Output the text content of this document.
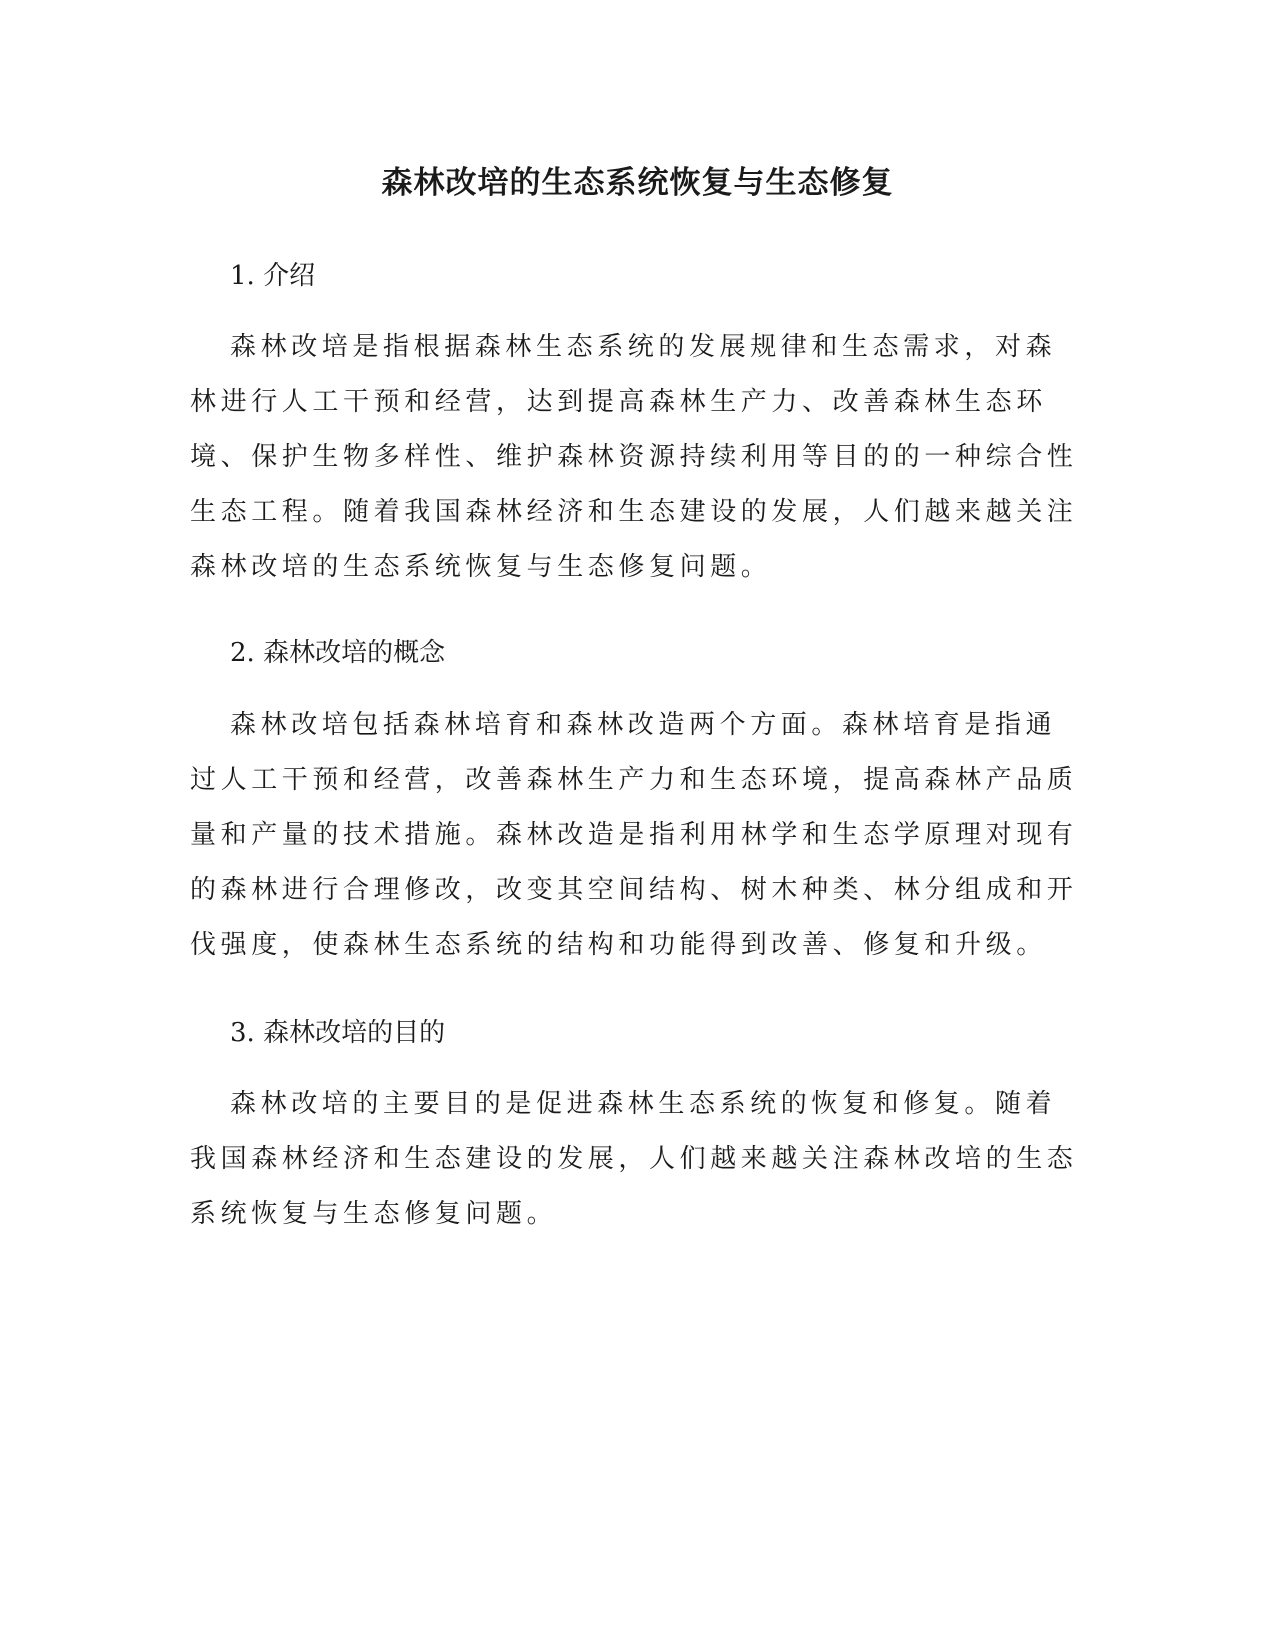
森林改培的生态系统恢复与生态修复
1. 介绍

森林改培是指根据森林生态系统的发展规律和生态需求，对森林进行人工干预和经营，达到提高森林生产力、改善森林生态环境、保护生物多样性、维护森林资源持续利用等目的的一种综合性生态工程。随着我国森林经济和生态建设的发展，人们越来越关注森林改培的生态系统恢复与生态修复问题。

2. 森林改培的概念

森林改培包括森林培育和森林改造两个方面。森林培育是指通过人工干预和经营，改善森林生产力和生态环境，提高森林产品质量和产量的技术措施。森林改造是指利用林学和生态学原理对现有的森林进行合理修改，改变其空间结构、树木种类、林分组成和开伐强度，使森林生态系统的结构和功能得到改善、修复和升级。

3. 森林改培的目的

森林改培的主要目的是促进森林生态系统的恢复和修复。随着我国森林经济和生态建设的发展，人们越来越关注森林改培的生态系统恢复与生态修复问题。
